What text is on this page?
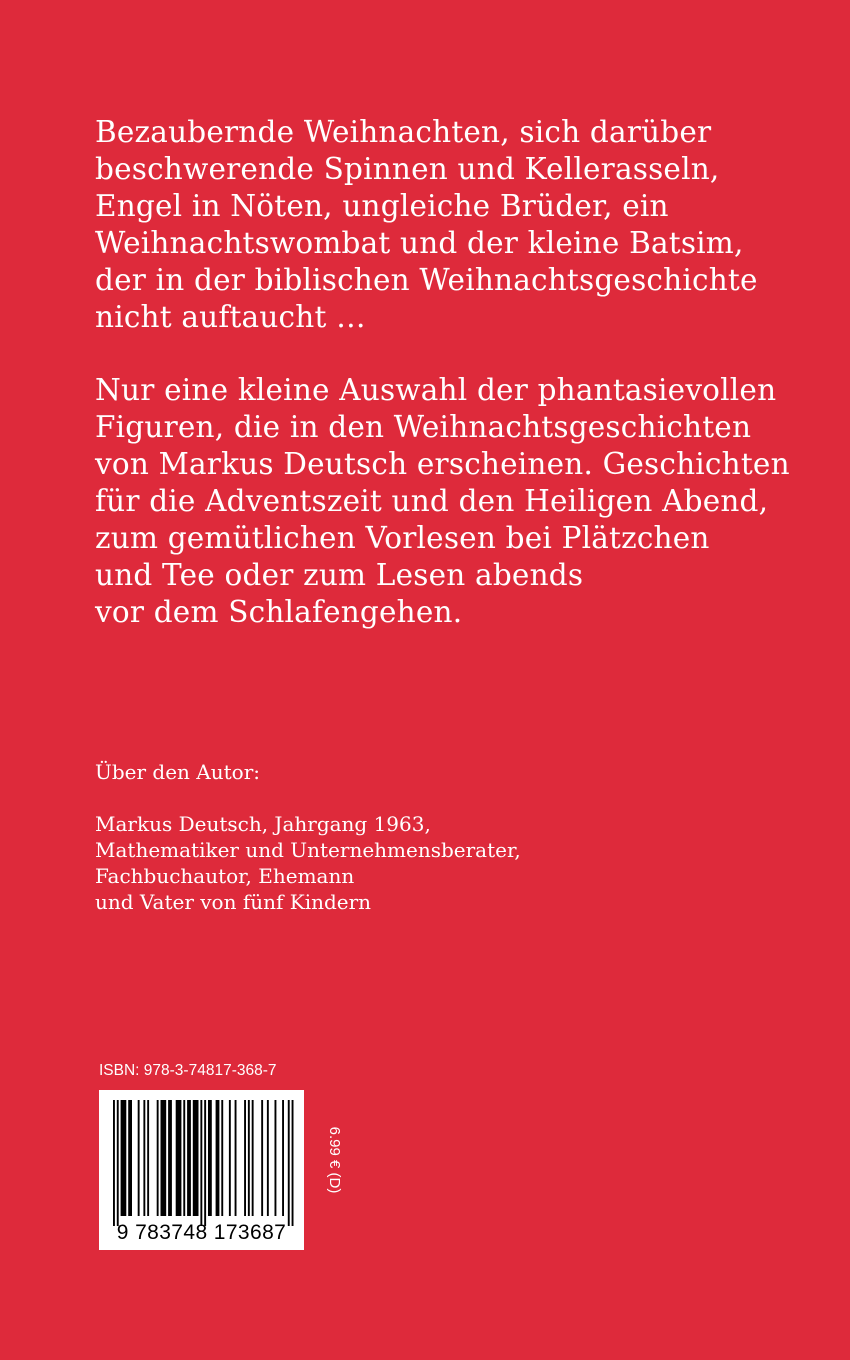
Bezaubernde Weihnachten, sich darüber
beschwerende Spinnen und Kellerasseln,
Engel in Nöten, ungleiche Brüder, ein
Weihnachtswombat und der kleine Batsim,
der in der biblischen Weihnachtsgeschichte
nicht auftaucht …
Nur eine kleine Auswahl der phantasievollen
Figuren, die in den Weihnachtsgeschichten
von Markus Deutsch erscheinen. Geschichten
für die Adventszeit und den Heiligen Abend,
zum gemütlichen Vorlesen bei Plätzchen
und Tee oder zum Lesen abends
vor dem Schlafengehen.
Über den Autor:
Markus Deutsch, Jahrgang 1963,
Mathematiker und Unternehmensberater,
Fachbuchautor, Ehemann
und Vater von fünf Kindern
ISBN: 978-3-74817-368-7
9 783748 173687
6.99 € (D)
